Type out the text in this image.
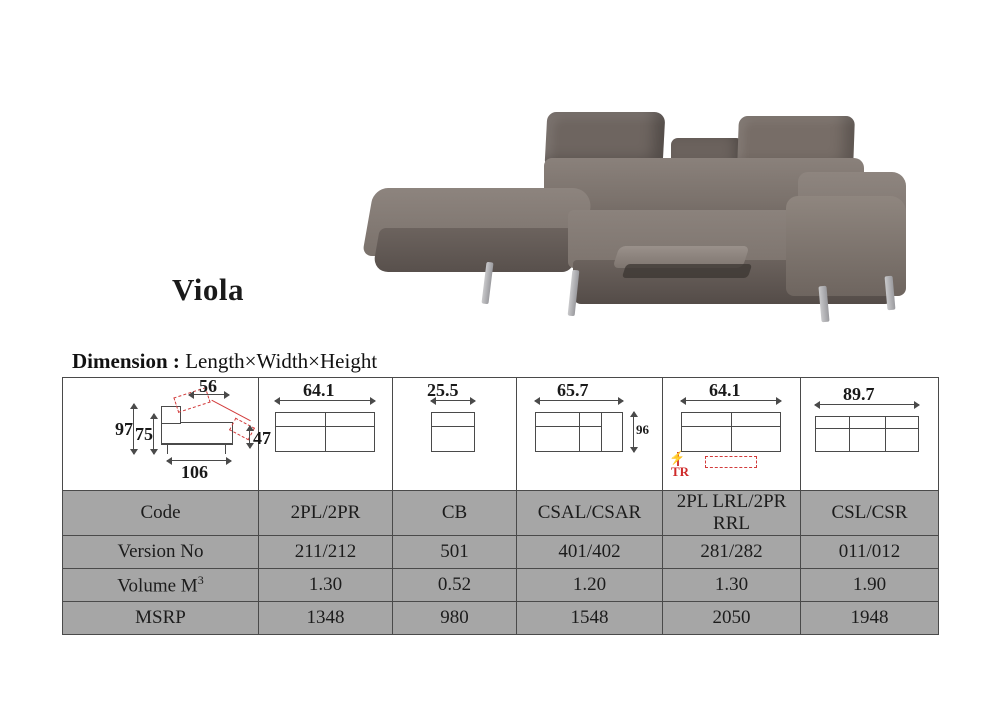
Viola
Dimension : Length×Width×Height
97 75
106
56
47

64.1	25.5	65.7
96

64.1
⚡
TR

89.7

Code	2PL/2PR	CB	CSAL/CSAR	2PL LRL/2PR RRL	CSL/CSR
Version No	211/212	501	401/402	281/282	011/012
Volume $M^3$	1.30	0.52	1.20	1.30	1.90
MSRP	1348	980	1548	2050	1948
